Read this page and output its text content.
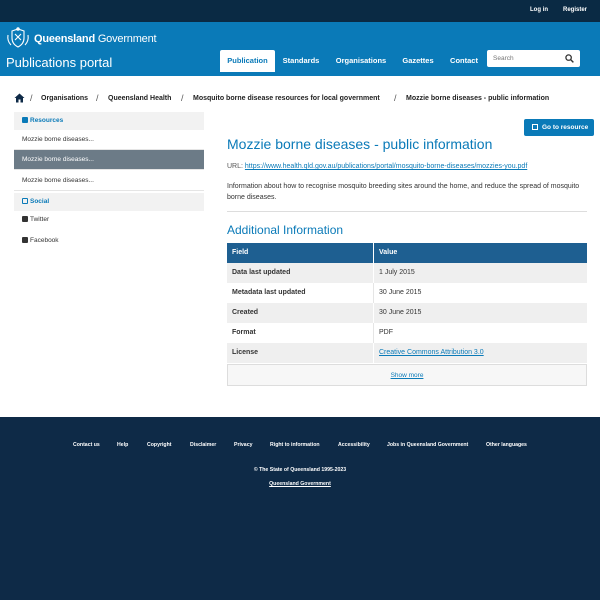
Log in	Register
Queensland Government
Publications portal	Publication	Standards	Organisations	Gazettes	Contact
Search
/ Organisations / Queensland Health / Mosquito borne disease resources for local government / Mozzie borne diseases - public information
Resources
Mozzie borne diseases...
Mozzie borne diseases...
Mozzie borne diseases...
Social
Twitter
Facebook
Go to resource
Mozzie borne diseases - public information
URL: https://www.health.qld.gov.au/publications/portal/mosquito-borne-diseases/mozzies-you.pdf
Information about how to recognise mosquito breeding sites around the home, and reduce the spread of mosquito borne diseases.
Additional Information
Field	Value
Data last updated	1 July 2015
Metadata last updated	30 June 2015
Created	30 June 2015
Format	PDF
License	Creative Commons Attribution 3.0
Show more
Contact us	Help	Copyright	Disclaimer	Privacy	Right to information	Accessibility	Jobs in Queensland Government	Other languages
© The State of Queensland 1995-2023
Queensland Government
